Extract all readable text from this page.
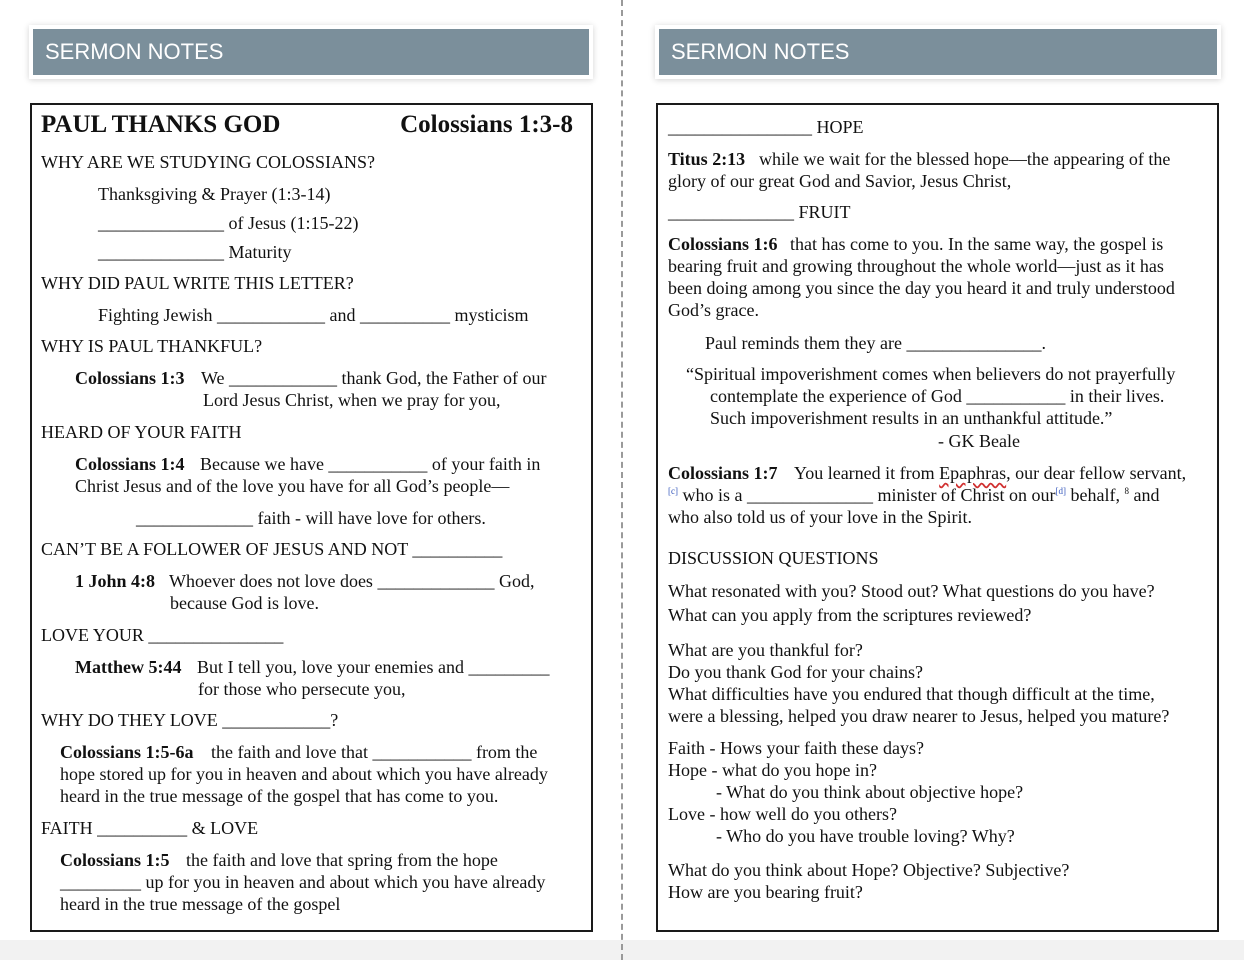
SERMON NOTES	SERMON NOTES
PAUL THANKS GOD	Colossians 1:3-8
WHY ARE WE STUDYING COLOSSIANS?
Thanksgiving & Prayer (1:3-14)
______________ of Jesus (1:15-22)
______________ Maturity
WHY DID PAUL WRITE THIS LETTER?
Fighting Jewish ____________ and __________ mysticism
WHY IS PAUL THANKFUL?
Colossians 1:3 We ____________ thank God, the Father of our
Lord Jesus Christ, when we pray for you,
HEARD OF YOUR FAITH
Colossians 1:4 Because we have ___________ of your faith in
Christ Jesus and of the love you have for all God’s people—
_____________ faith - will have love for others.
CAN’T BE A FOLLOWER OF JESUS AND NOT __________
1 John 4:8 Whoever does not love does _____________ God,
because God is love.
LOVE YOUR _______________
Matthew 5:44 But I tell you, love your enemies and _________
for those who persecute you,
WHY DO THEY LOVE ____________?
Colossians 1:5-6a the faith and love that ___________ from the
hope stored up for you in heaven and about which you have already
heard in the true message of the gospel that has come to you.
FAITH __________ & LOVE
Colossians 1:5 the faith and love that spring from the hope
_________ up for you in heaven and about which you have already
heard in the true message of the gospel
________________ HOPE
Titus 2:13 while we wait for the blessed hope—the appearing of the
glory of our great God and Savior, Jesus Christ,
______________ FRUIT
Colossians 1:6 that has come to you. In the same way, the gospel is
bearing fruit and growing throughout the whole world—just as it has
been doing among you since the day you heard it and truly understood
God’s grace.
Paul reminds them they are _______________.
“Spiritual impoverishment comes when believers do not prayerfully
contemplate the experience of God ___________ in their lives.
Such impoverishment results in an unthankful attitude.”
- GK Beale
Colossians 1:7 You learned it from Epaphras, our dear fellow servant,
[c] who is a ______________ minister of Christ on our[d] behalf, $^8$ and
who also told us of your love in the Spirit.
DISCUSSION QUESTIONS
What resonated with you? Stood out? What questions do you have?
What can you apply from the scriptures reviewed?
What are you thankful for?
Do you thank God for your chains?
What difficulties have you endured that though difficult at the time,
were a blessing, helped you draw nearer to Jesus, helped you mature?
Faith - Hows your faith these days?
Hope - what do you hope in?
- What do you think about objective hope?
Love - how well do you others?
- Who do you have trouble loving? Why?
What do you think about Hope? Objective? Subjective?
How are you bearing fruit?
